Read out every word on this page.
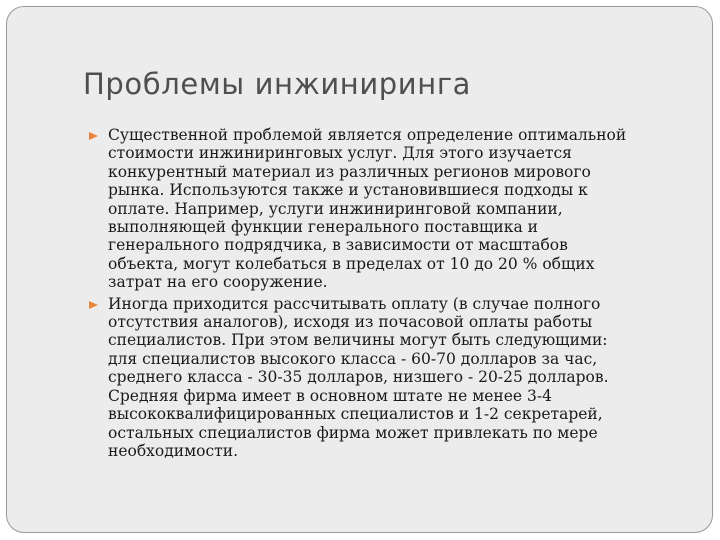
Проблемы инжиниринга
Существенной проблемой является определение оптимальной
стоимости инжиниринговых услуг. Для этого изучается
конкурентный материал из различных регионов мирового
рынка. Используются также и установившиеся подходы к
оплате. Например, услуги инжиниринговой компании,
выполняющей функции генерального поставщика и
генерального подрядчика, в зависимости от масштабов
объекта, могут колебаться в пределах от 10 до 20 % общих
затрат на его сооружение.
Иногда приходится рассчитывать оплату (в случае полного
отсутствия аналогов), исходя из почасовой оплаты работы
специалистов. При этом величины могут быть следующими:
для специалистов высокого класса - 60-70 долларов за час,
среднего класса - 30-35 долларов, низшего - 20-25 долларов.
Средняя фирма имеет в основном штате не менее 3-4
высококвалифицированных специалистов и 1-2 секретарей,
остальных специалистов фирма может привлекать по мере
необходимости.
